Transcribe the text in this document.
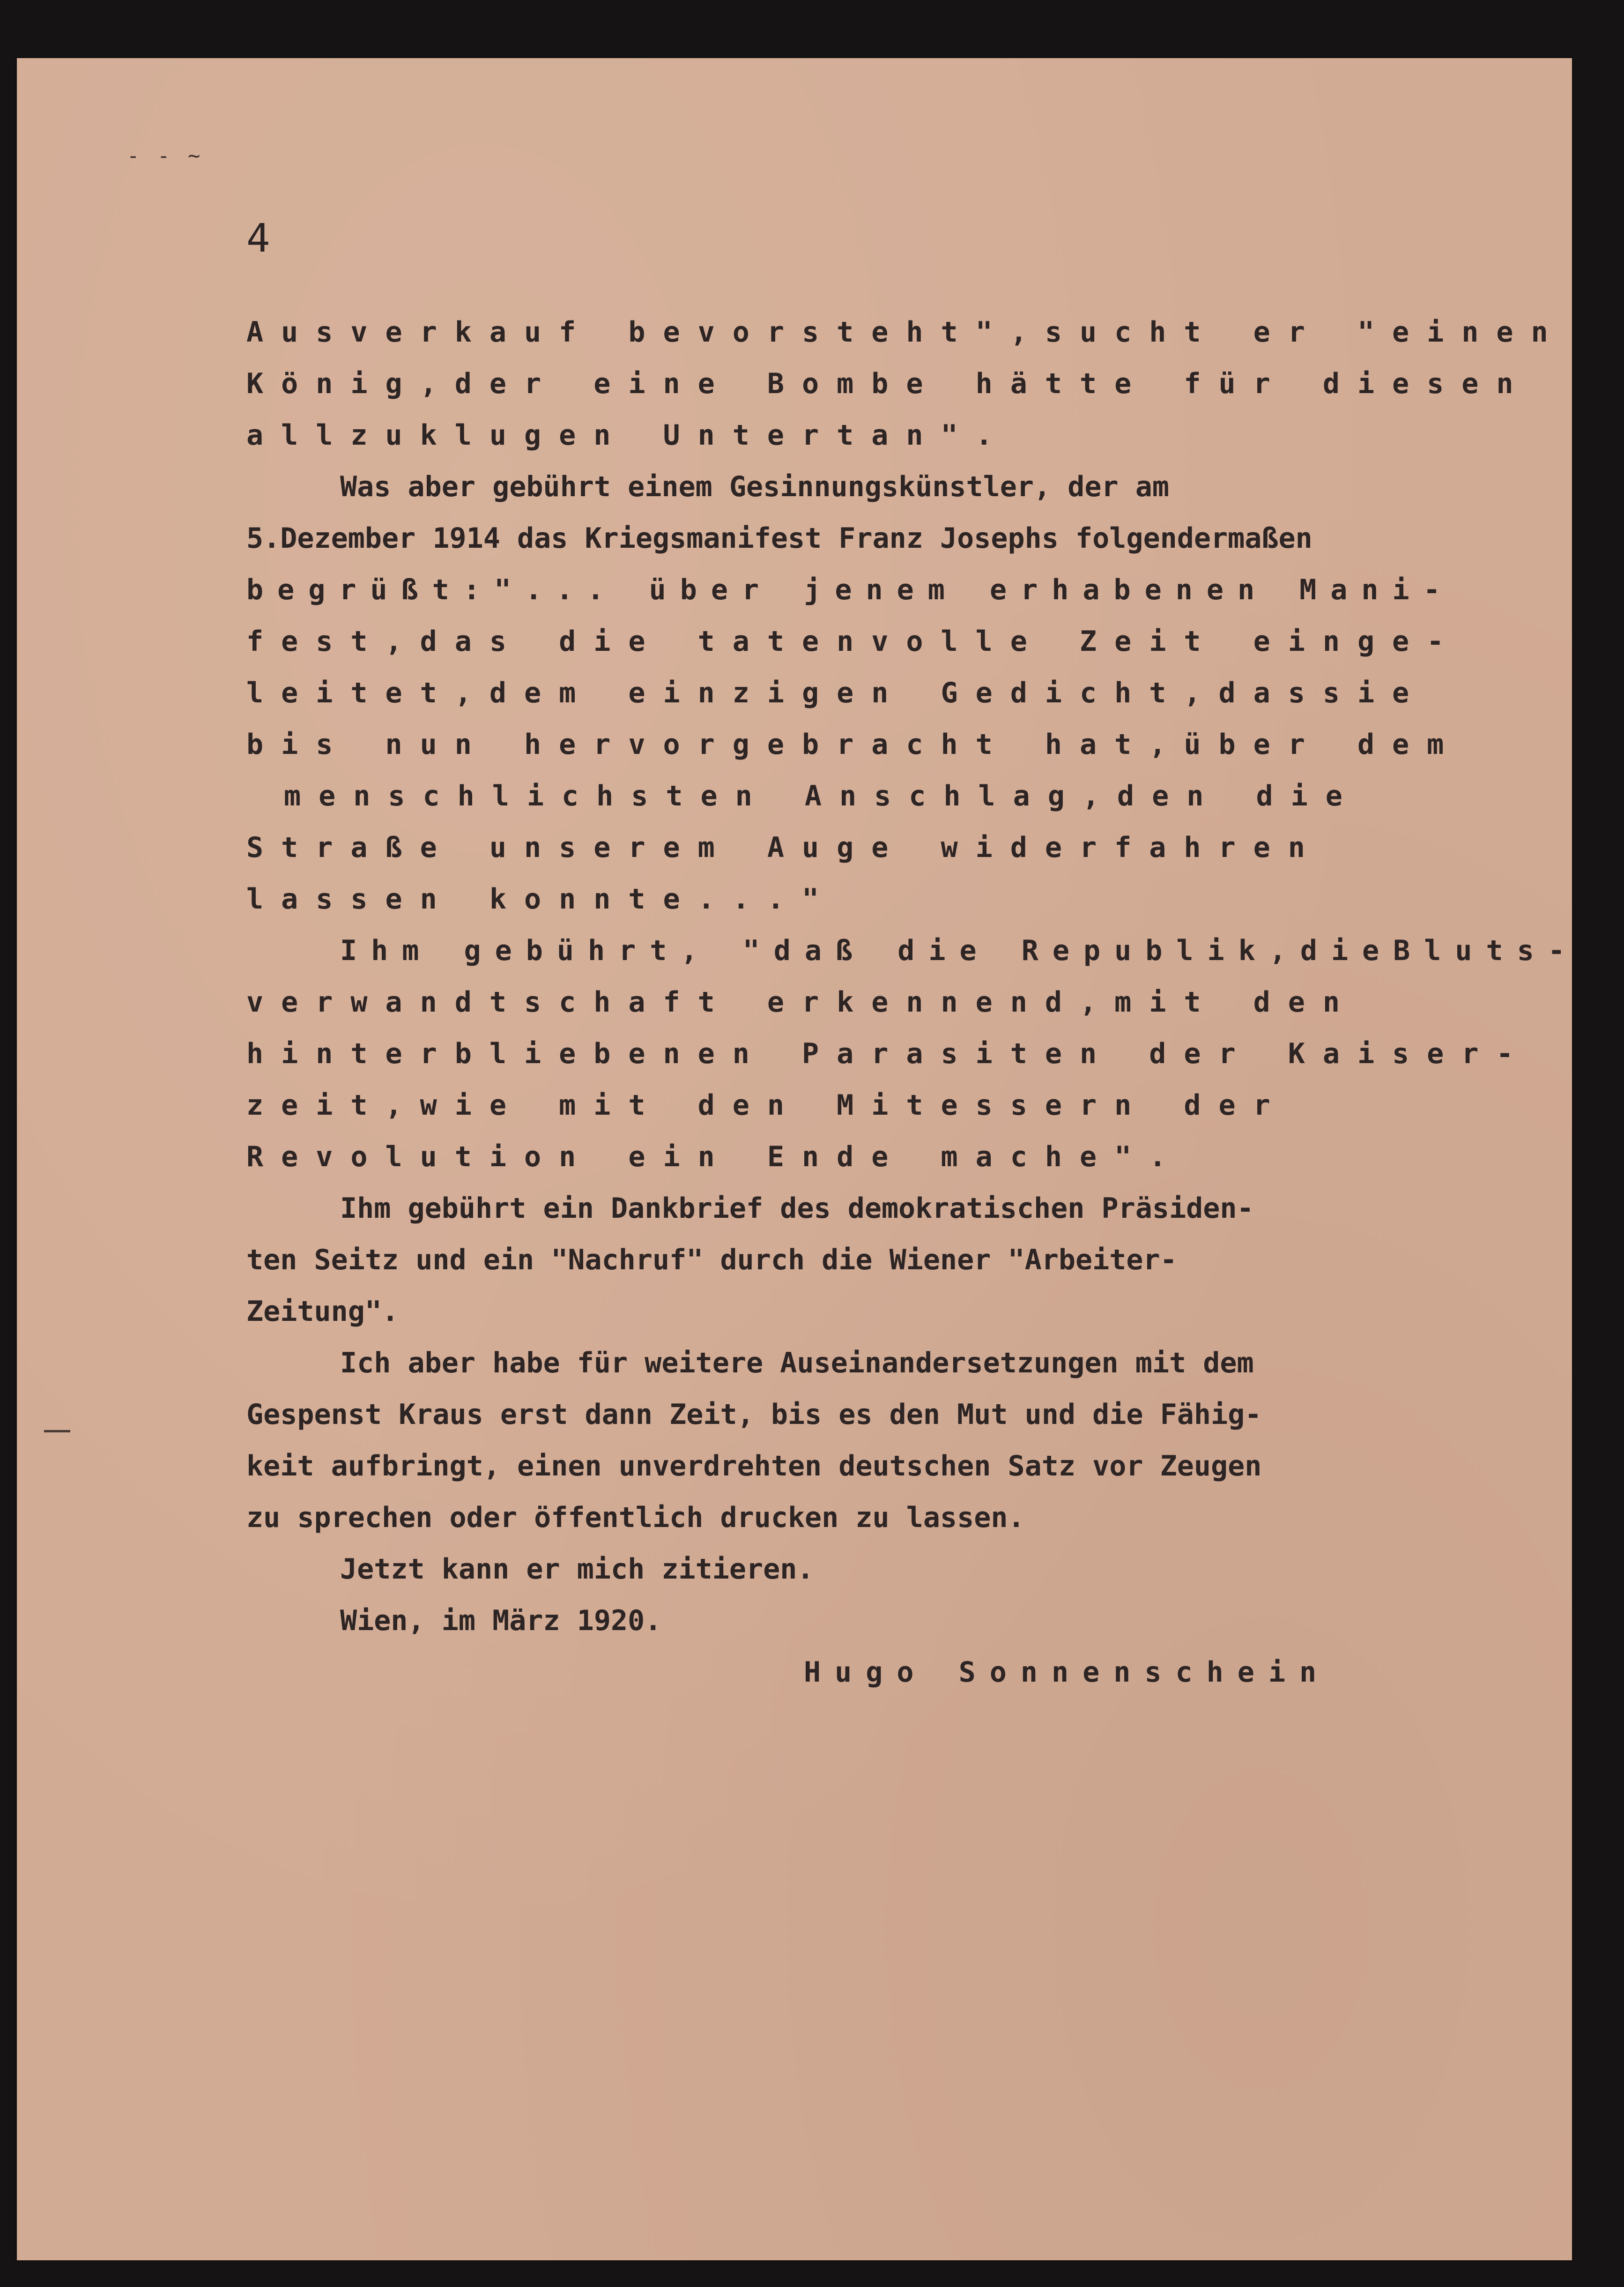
- - ~
4
Ausverkauf bevorsteht",sucht er "einen
König,der eine Bombe hätte für diesen
allzuklugen Untertan".
Was aber gebührt einem Gesinnungskünstler, der am
5.Dezember 1914 das Kriegsmanifest Franz Josephs folgendermaßen
begrüßt:"... über jenem erhabenen Mani-
fest,das die tatenvolle Zeit einge-
leitet,dem einzigen Gedicht,dassie
bis nun hervorgebracht hat,über dem
menschlichsten Anschlag,den die
Straße unserem Auge widerfahren
lassen konnte..."
Ihm gebührt, "daß die Republik,dieBluts-
verwandtschaft erkennend,mit den
hinterbliebenen Parasiten der Kaiser-
zeit,wie mit den Mitessern der
Revolution ein Ende mache".
Ihm gebührt ein Dankbrief des demokratischen Präsiden-
ten Seitz und ein "Nachruf" durch die Wiener "Arbeiter-
Zeitung".
Ich aber habe für weitere Auseinandersetzungen mit dem
Gespenst Kraus erst dann Zeit, bis es den Mut und die Fähig-
keit aufbringt, einen unverdrehten deutschen Satz vor Zeugen
zu sprechen oder öffentlich drucken zu lassen.
Jetzt kann er mich zitieren.
Wien, im März 1920.
Hugo Sonnenschein
